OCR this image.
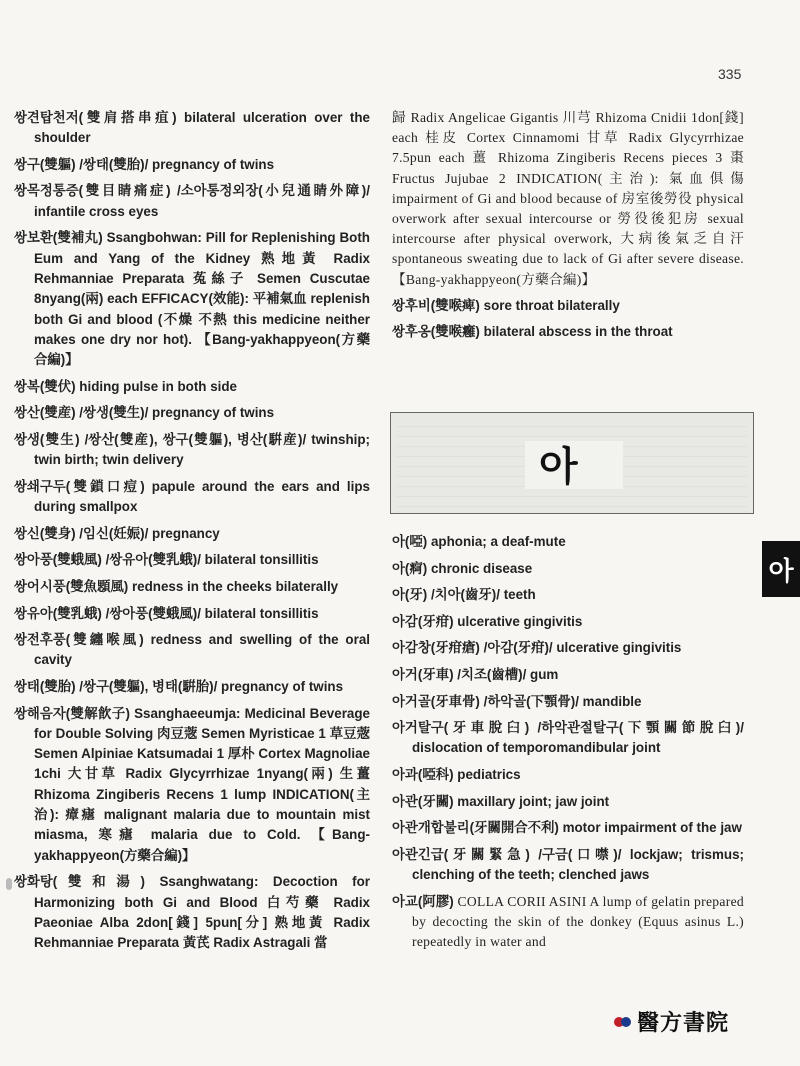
335
쌍견탑천저(雙肩搭串疽) bilateral ulceration over the shoulder
쌍구(雙軀) /쌍태(雙胎)/ pregnancy of twins
쌍목정통증(雙目睛痛症) /소아통정외장(小兒通睛外障)/ infantile cross eyes
쌍보환(雙補丸) Ssangbohwan: Pill for Replenishing Both Eum and Yang of the Kidney 熟地黃 Radix Rehmanniae Preparata 菟絲子 Semen Cuscutae 8nyang(兩) each EFFICACY(效能): 平補氣血 replenish both Gi and blood (不燥 不熱 this medicine neither makes one dry nor hot). 【Bang-yakhappyeon(方藥合編)】
쌍복(雙伏) hiding pulse in both side
쌍산(雙産) /쌍생(雙生)/ pregnancy of twins
쌍생(雙生) /쌍산(雙産), 쌍구(雙軀), 병산(騈産)/ twinship; twin birth; twin delivery
쌍쇄구두(雙鎖口痘) papule around the ears and lips during smallpox
쌍신(雙身) /임신(妊娠)/ pregnancy
쌍아풍(雙蛾風) /쌍유아(雙乳蛾)/ bilateral tonsillitis
쌍어시풍(雙魚顋風) redness in the cheeks bilaterally
쌍유아(雙乳蛾) /쌍아풍(雙蛾風)/ bilateral tonsillitis
쌍전후풍(雙纏喉風) redness and swelling of the oral cavity
쌍태(雙胎) /쌍구(雙軀), 병태(騈胎)/ pregnancy of twins
쌍해음자(雙解飮子) Ssanghaeeumja: Medicinal Beverage for Double Solving 肉豆蔲 Semen Myristicae 1 草豆蔲 Semen Alpiniae Katsumadai 1 厚朴 Cortex Magnoliae 1chi 大甘草 Radix Glycyrrhizae 1nyang(兩) 生薑 Rhizoma Zingiberis Recens 1 lump INDICATION(主治): 瘴瘧 malignant malaria due to mountain mist miasma, 寒瘧 malaria due to Cold. 【Bang-yakhappyeon(方藥合編)】
쌍화탕(雙和湯) Ssanghwatang: Decoction for Harmonizing both Gi and Blood 白芍藥 Radix Paeoniae Alba 2don[錢] 5pun[分] 熟地黃 Radix Rehmanniae Preparata 黃芪 Radix Astragali 當
歸 Radix Angelicae Gigantis 川芎 Rhizoma Cnidii 1don[錢] each 桂皮 Cortex Cinnamomi 甘草 Radix Glycyrrhizae 7.5pun each 薑 Rhizoma Zingiberis Recens pieces 3 棗 Fructus Jujubae 2 INDICATION(主治): 氣血俱傷 impairment of Gi and blood because of 房室後勞役 physical overwork after sexual intercourse or 勞役後犯房 sexual intercourse after physical overwork, 大病後氣乏自汗 spontaneous sweating due to lack of Gi after severe disease. 【Bang-yakhappyeon(方藥合編)】
쌍후비(雙喉痺) sore throat bilaterally
쌍후옹(雙喉癰) bilateral abscess in the throat
아
아(啞) aphonia; a deaf-mute
아(痾) chronic disease
아(牙) /치아(齒牙)/ teeth
아감(牙疳) ulcerative gingivitis
아감창(牙疳瘡) /아감(牙疳)/ ulcerative gingivitis
아거(牙車) /치조(齒槽)/ gum
아거골(牙車骨) /하악골(下顎骨)/ mandible
아거탈구(牙車脫臼) /하악관절탈구(下顎關節脫臼)/ dislocation of temporomandibular joint
아과(啞科) pediatrics
아관(牙關) maxillary joint; jaw joint
아관개합불리(牙關開合不利) motor impairment of the jaw
아관긴급(牙關緊急) /구금(口噤)/ lockjaw; trismus; clenching of the teeth; clenched jaws
아교(阿膠) COLLA CORII ASINI A lump of gelatin prepared by decocting the skin of the donkey (Equus asinus L.) repeatedly in water and
아
醫方書院
